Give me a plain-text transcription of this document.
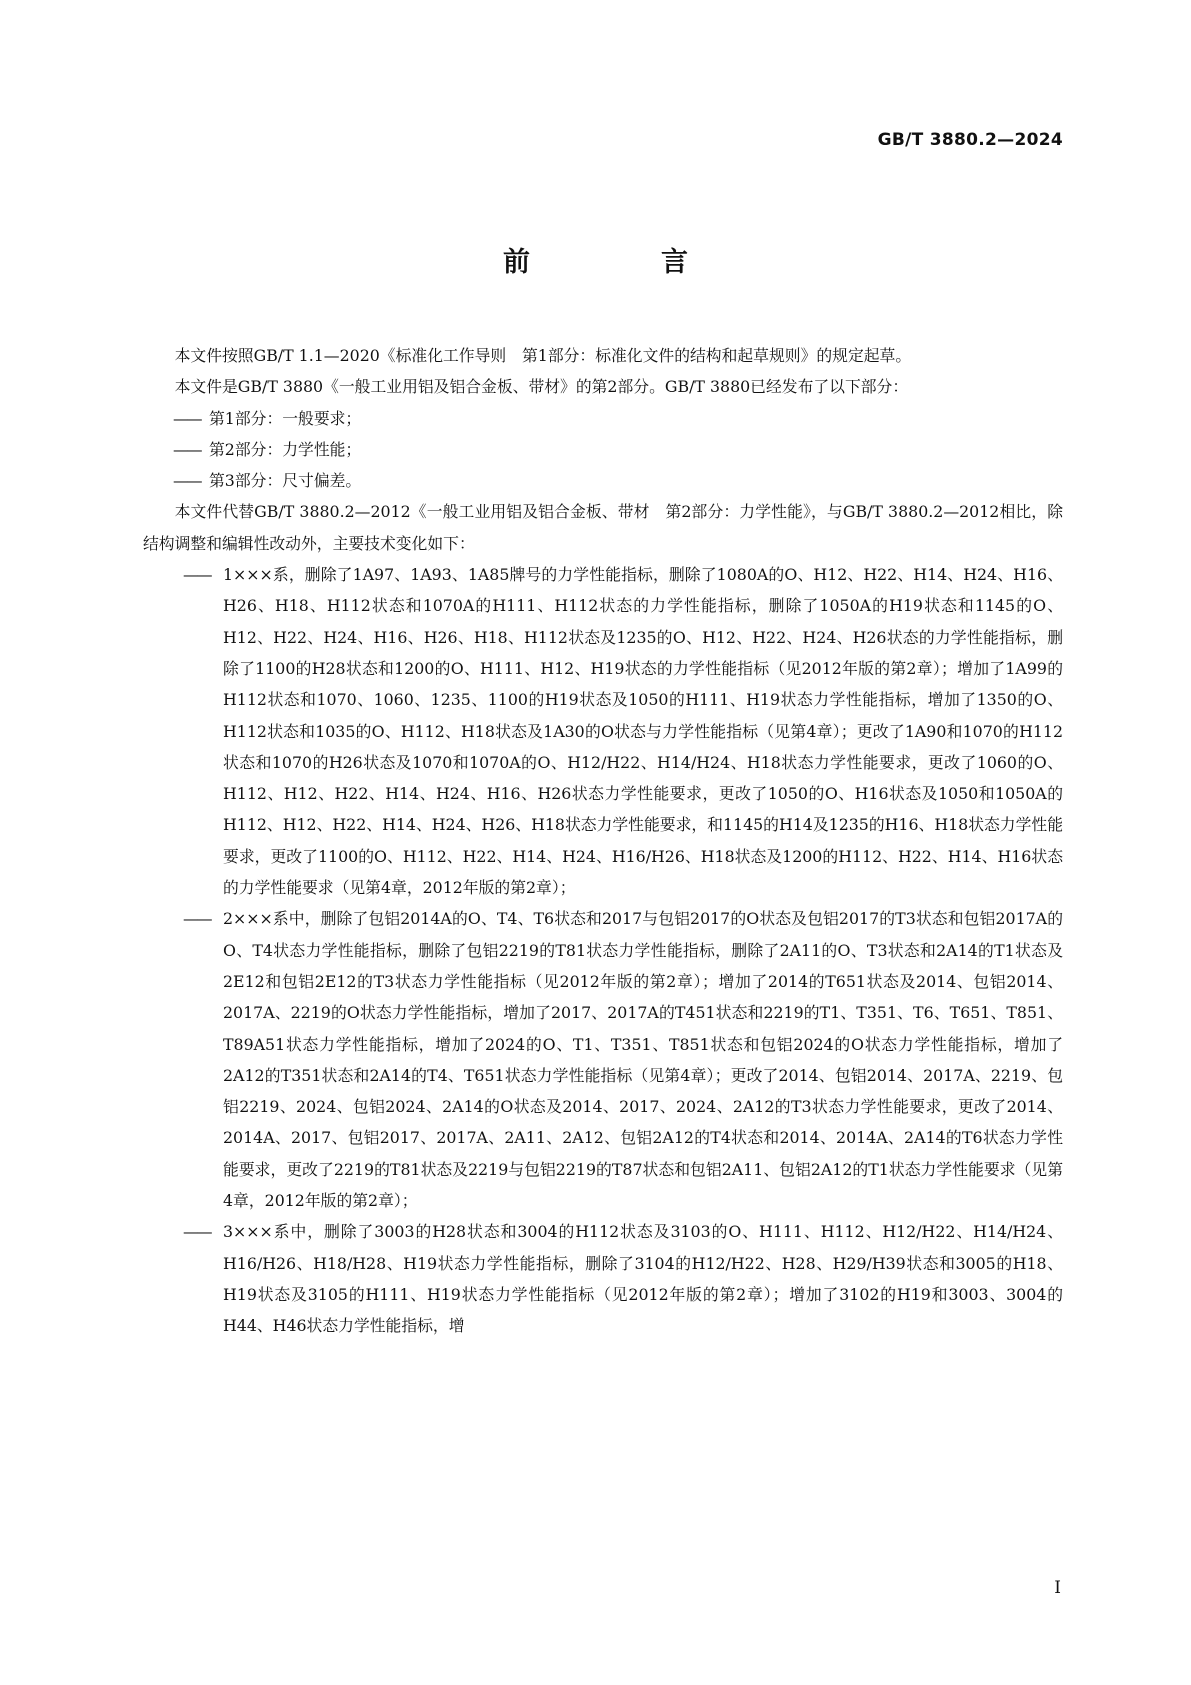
GB/T 3880.2—2024
前　言

本文件按照GB/T 1.1—2020《标准化工作导则　第1部分：标准化文件的结构和起草规则》的规定起草。

本文件是GB/T 3880《一般工业用铝及铝合金板、带材》的第2部分。GB/T 3880已经发布了以下部分：

—— 第1部分：一般要求；

—— 第2部分：力学性能；

—— 第3部分：尺寸偏差。

本文件代替GB/T 3880.2—2012《一般工业用铝及铝合金板、带材　第2部分：力学性能》，与GB/T 3880.2—2012相比，除结构调整和编辑性改动外，主要技术变化如下：

—— 1×××系，删除了1A97、1A93、1A85牌号的力学性能指标，删除了1080A的O、H12、H22、H14、H24、H16、H26、H18、H112状态和1070A的H111、H112状态的力学性能指标，删除了1050A的H19状态和1145的O、H12、H22、H24、H16、H26、H18、H112状态及1235的O、H12、H22、H24、H26状态的力学性能指标，删除了1100的H28状态和1200的O、H111、H12、H19状态的力学性能指标（见2012年版的第2章）；增加了1A99的H112状态和1070、1060、1235、1100的H19状态及1050的H111、H19状态力学性能指标，增加了1350的O、H112状态和1035的O、H112、H18状态及1A30的O状态与力学性能指标（见第4章）；更改了1A90和1070的H112状态和1070的H26状态及1070和1070A的O、H12/H22、H14/H24、H18状态力学性能要求，更改了1060的O、H112、H12、H22、H14、H24、H16、H26状态力学性能要求，更改了1050的O、H16状态及1050和1050A的H112、H12、H22、H14、H24、H26、H18状态力学性能要求，和1145的H14及1235的H16、H18状态力学性能要求，更改了1100的O、H112、H22、H14、H24、H16/H26、H18状态及1200的H112、H22、H14、H16状态的力学性能要求（见第4章，2012年版的第2章）；

—— 2×××系中，删除了包铝2014A的O、T4、T6状态和2017与包铝2017的O状态及包铝2017的T3状态和包铝2017A的O、T4状态力学性能指标，删除了包铝2219的T81状态力学性能指标，删除了2A11的O、T3状态和2A14的T1状态及2E12和包铝2E12的T3状态力学性能指标（见2012年版的第2章）；增加了2014的T651状态及2014、包铝2014、2017A、2219的O状态力学性能指标，增加了2017、2017A的T451状态和2219的T1、T351、T6、T651、T851、T89A51状态力学性能指标，增加了2024的O、T1、T351、T851状态和包铝2024的O状态力学性能指标，增加了2A12的T351状态和2A14的T4、T651状态力学性能指标（见第4章）；更改了2014、包铝2014、2017A、2219、包铝2219、2024、包铝2024、2A14的O状态及2014、2017、2024、2A12的T3状态力学性能要求，更改了2014、2014A、2017、包铝2017、2017A、2A11、2A12、包铝2A12的T4状态和2014、2014A、2A14的T6状态力学性能要求，更改了2219的T81状态及2219与包铝2219的T87状态和包铝2A11、包铝2A12的T1状态力学性能要求（见第4章，2012年版的第2章）；

—— 3×××系中，删除了3003的H28状态和3004的H112状态及3103的O、H111、H112、H12/H22、H14/H24、H16/H26、H18/H28、H19状态力学性能指标，删除了3104的H12/H22、H28、H29/H39状态和3005的H18、H19状态及3105的H111、H19状态力学性能指标（见2012年版的第2章）；增加了3102的H19和3003、3004的H44、H46状态力学性能指标，增

I
